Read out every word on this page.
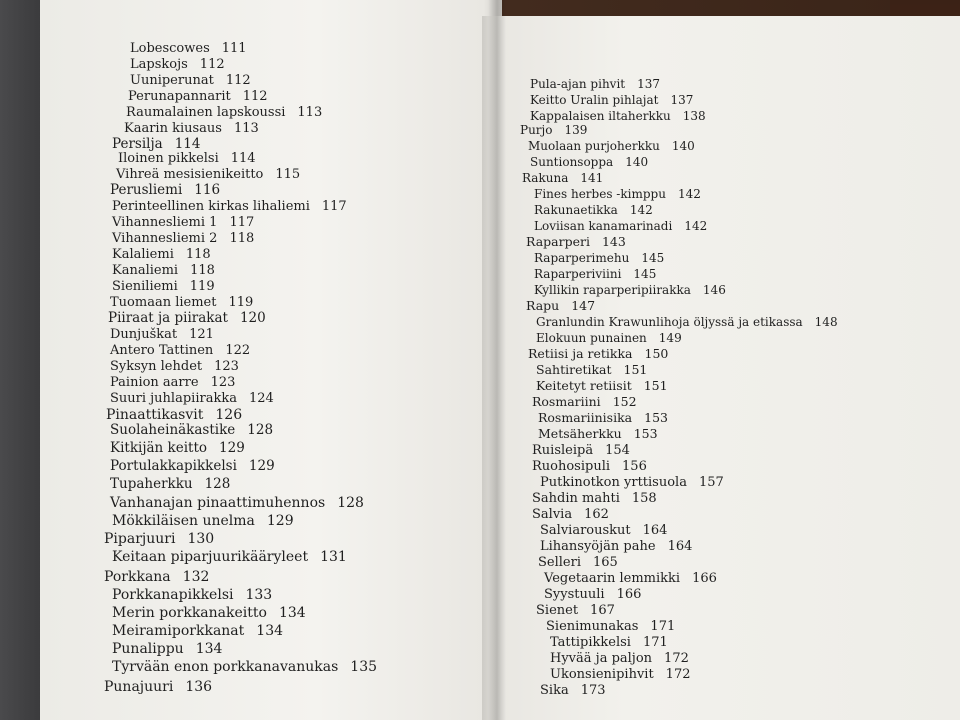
Lobescowes 111
Lapskojs 112
Uuniperunat 112
Perunapannarit 112
Raumalainen lapskoussi 113
Kaarin kiusaus 113
Persilja 114
Iloinen pikkelsi 114
Vihreä mesisienikeitto 115
Perusliemi 116
Perinteellinen kirkas lihaliemi 117
Vihannesliemi 1 117
Vihannesliemi 2 118
Kalaliemi 118
Kanaliemi 118
Sieniliemi 119
Tuomaan liemet 119
Piiraat ja piirakat 120
Dunjuškat 121
Antero Tattinen 122
Syksyn lehdet 123
Painion aarre 123
Suuri juhlapiirakka 124
Pinaattikasvit 126
Suolaheinäkastike 128
Kitkijän keitto 129
Portulakkapikkelsi 129
Tupaherkku 128
Vanhanajan pinaattimuhennos 128
Mökkiläisen unelma 129
Piparjuuri 130
Keitaan piparjuurikääryleet 131
Porkkana 132
Porkkanapikkelsi 133
Merin porkkanakeitto 134
Meiramiporkkanat 134
Punalippu 134
Tyrvään enon porkkanavanukas 135
Punajuuri 136
Pula-ajan pihvit 137
Keitto Uralin pihlajat 137
Kappalaisen iltaherkku 138
Purjo 139
Muolaan purjoherkku 140
Suntionsoppa 140
Rakuna 141
Fines herbes -kimppu 142
Rakunaetikka 142
Loviisan kanamarinadi 142
Raparperi 143
Raparperimehu 145
Raparperiviini 145
Kyllikin raparperipiirakka 146
Rapu 147
Granlundin Krawunlihoja öljyssä ja etikassa 148
Elokuun punainen 149
Retiisi ja retikka 150
Sahtiretikat 151
Keitetyt retiisit 151
Rosmariini 152
Rosmariinisika 153
Metsäherkku 153
Ruisleipä 154
Ruohosipuli 156
Putkinotkon yrttisuola 157
Sahdin mahti 158
Salvia 162
Salviarouskut 164
Lihansyöjän pahe 164
Selleri 165
Vegetaarin lemmikki 166
Syystuuli 166
Sienet 167
Sienimunakas 171
Tattipikkelsi 171
Hyvää ja paljon 172
Ukonsienipihvit 172
Sika 173
